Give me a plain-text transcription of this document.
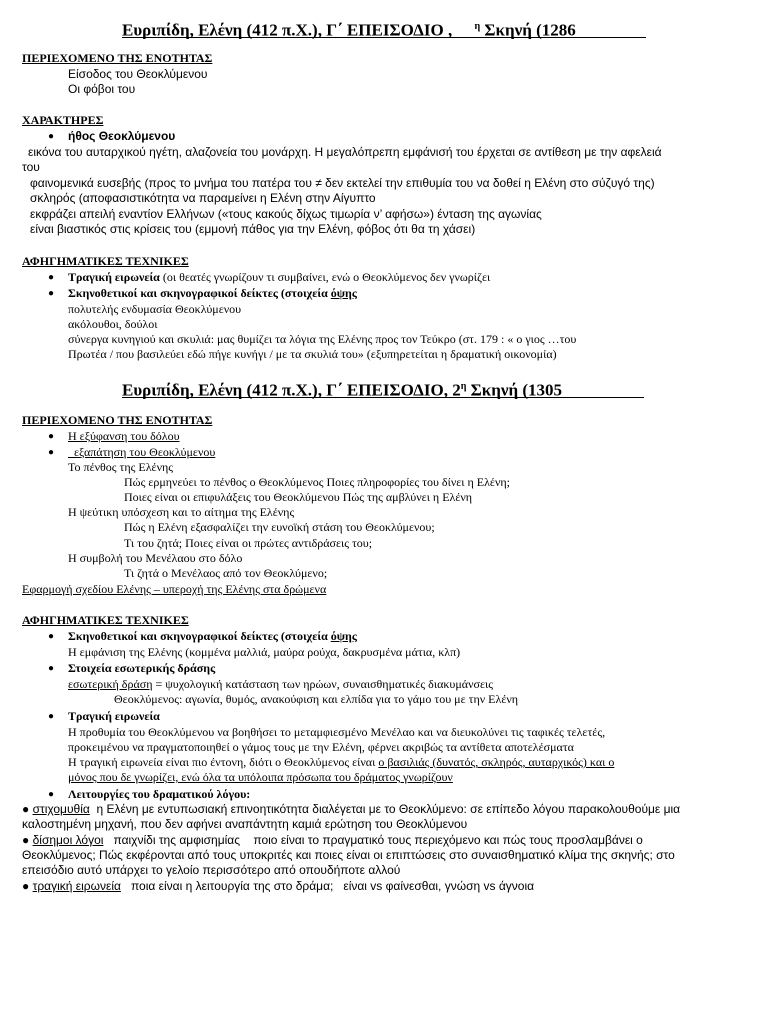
Ευριπίδη, Ελένη (412 π.Χ.), Γ΄ ΕΠΕΙΣΟΔΙΟ , $^\eta$ Σκηνή (1286
ΠΕΡΙΕΧΟΜΕΝΟ ΤΗΣ ΕΝΟΤΗΤΑΣ
Είσοδος του Θεοκλύμενου
Οι φόβοι του
ΧΑΡΑΚΤΗΡΕΣ
● ήθος Θεοκλύμενου
εικόνα του αυταρχικού ηγέτη, αλαζονεία του μονάρχη. Η μεγαλόπρεπη εμφάνισή του έρχεται σε αντίθεση με την αφελειά
του
φαινομενικά ευσεβής (προς το μνήμα του πατέρα του ≠ δεν εκτελεί την επιθυμία του να δοθεί η Ελένη στο σύζυγό της)
σκληρός (αποφασιστικότητα να παραμείνει η Ελένη στην Αίγυπτο
εκφράζει απειλή εναντίον Ελλήνων («τους κακούς δίχως τιμωρία ν’ αφήσω») ένταση της αγωνίας
είναι βιαστικός στις κρίσεις του (εμμονή πάθος για την Ελένη, φόβος ότι θα τη χάσει)
ΑΦΗΓΗΜΑΤΙΚΕΣ ΤΕΧΝΙΚΕΣ
● Τραγική ειρωνεία (οι θεατές γνωρίζουν τι συμβαίνει, ενώ ο Θεοκλύμενος δεν γνωρίζει
● Σκηνοθετικοί και σκηνογραφικοί δείκτες (στοιχεία όψης
πολυτελής ενδυμασία Θεοκλύμενου
ακόλουθοι, δούλοι
σύνεργα κυνηγιού και σκυλιά: μας θυμίζει τα λόγια της Ελένης προς τον Τεύκρο (στ. 179 : « ο γιος …του
Πρωτέα / που βασιλεύει εδώ πήγε κυνήγι / με τα σκυλιά του» (εξυπηρετείται η δραματική οικονομία)
Ευριπίδη, Ελένη (412 π.Χ.), Γ΄ ΕΠΕΙΣΟΔΙΟ, $2^\eta$ Σκηνή (1305
ΠΕΡΙΕΧΟΜΕΝΟ ΤΗΣ ΕΝΟΤΗΤΑΣ
● Η εξύφανση του δόλου
● εξαπάτηση του Θεοκλύμενου
Το πένθος της Ελένης
Πώς ερμηνεύει το πένθος ο Θεοκλύμενος Ποιες πληροφορίες του δίνει η Ελένη;
Ποιες είναι οι επιφυλάξεις του Θεοκλύμενου Πώς της αμβλύνει η Ελένη
Η ψεύτικη υπόσχεση και το αίτημα της Ελένης
Πώς η Ελένη εξασφαλίζει την ευνοϊκή στάση του Θεοκλύμενου;
Τι του ζητά; Ποιες είναι οι πρώτες αντιδράσεις του;
Η συμβολή του Μενέλαου στο δόλο
Τι ζητά ο Μενέλαος από τον Θεοκλύμενο;
Εφαρμογή σχεδίου Ελένης – υπεροχή της Ελένης στα δρώμενα
ΑΦΗΓΗΜΑΤΙΚΕΣ ΤΕΧΝΙΚΕΣ
● Σκηνοθετικοί και σκηνογραφικοί δείκτες (στοιχεία όψης
Η εμφάνιση της Ελένης (κομμένα μαλλιά, μαύρα ρούχα, δακρυσμένα μάτια, κλπ)
● Στοιχεία εσωτερικής δράσης
εσωτερική δράση = ψυχολογική κατάσταση των ηρώων, συναισθηματικές διακυμάνσεις
Θεοκλύμενος: αγωνία, θυμός, ανακούφιση και ελπίδα για το γάμο του με την Ελένη
● Τραγική ειρωνεία
Η προθυμία του Θεοκλύμενου να βοηθήσει το μεταμφιεσμένο Μενέλαο και να διευκολύνει τις ταφικές τελετές,
προκειμένου να πραγματοποιηθεί ο γάμος τους με την Ελένη, φέρνει ακριβώς τα αντίθετα αποτελέσματα
Η τραγική ειρωνεία είναι πιο έντονη, διότι ο Θεοκλύμενος είναι ο βασιλιάς (δυνατός, σκληρός, αυταρχικός) και ο
μόνος που δε γνωρίζει, ενώ όλα τα υπόλοιπα πρόσωπα του δράματος γνωρίζουν
● Λειτουργίες του δραματικού λόγου:
● στιχομυθία  η Ελένη με εντυπωσιακή επινοητικότητα διαλέγεται με το Θεοκλύμενο: σε επίπεδο λόγου παρακολουθούμε μια
καλοστημένη μηχανή, που δεν αφήνει αναπάντητη καμιά ερώτηση του Θεοκλύμενου
● δίσημοι λόγοι   παιχνίδι της αμφισημίας    ποιο είναι το πραγματικό τους περιεχόμενο και πώς τους προσλαμβάνει ο
Θεοκλύμενος; Πώς εκφέρονται από τους υποκριτές και ποιες είναι οι επιπτώσεις στο συναισθηματικό κλίμα της σκηνής; στο
επεισόδιο αυτό υπάρχει το γελοίο περισσότερο από οπουδήποτε αλλού
● τραγική ειρωνεία   ποια είναι η λειτουργία της στο δράμα;   είναι vs φαίνεσθαι, γνώση vs άγνοια
